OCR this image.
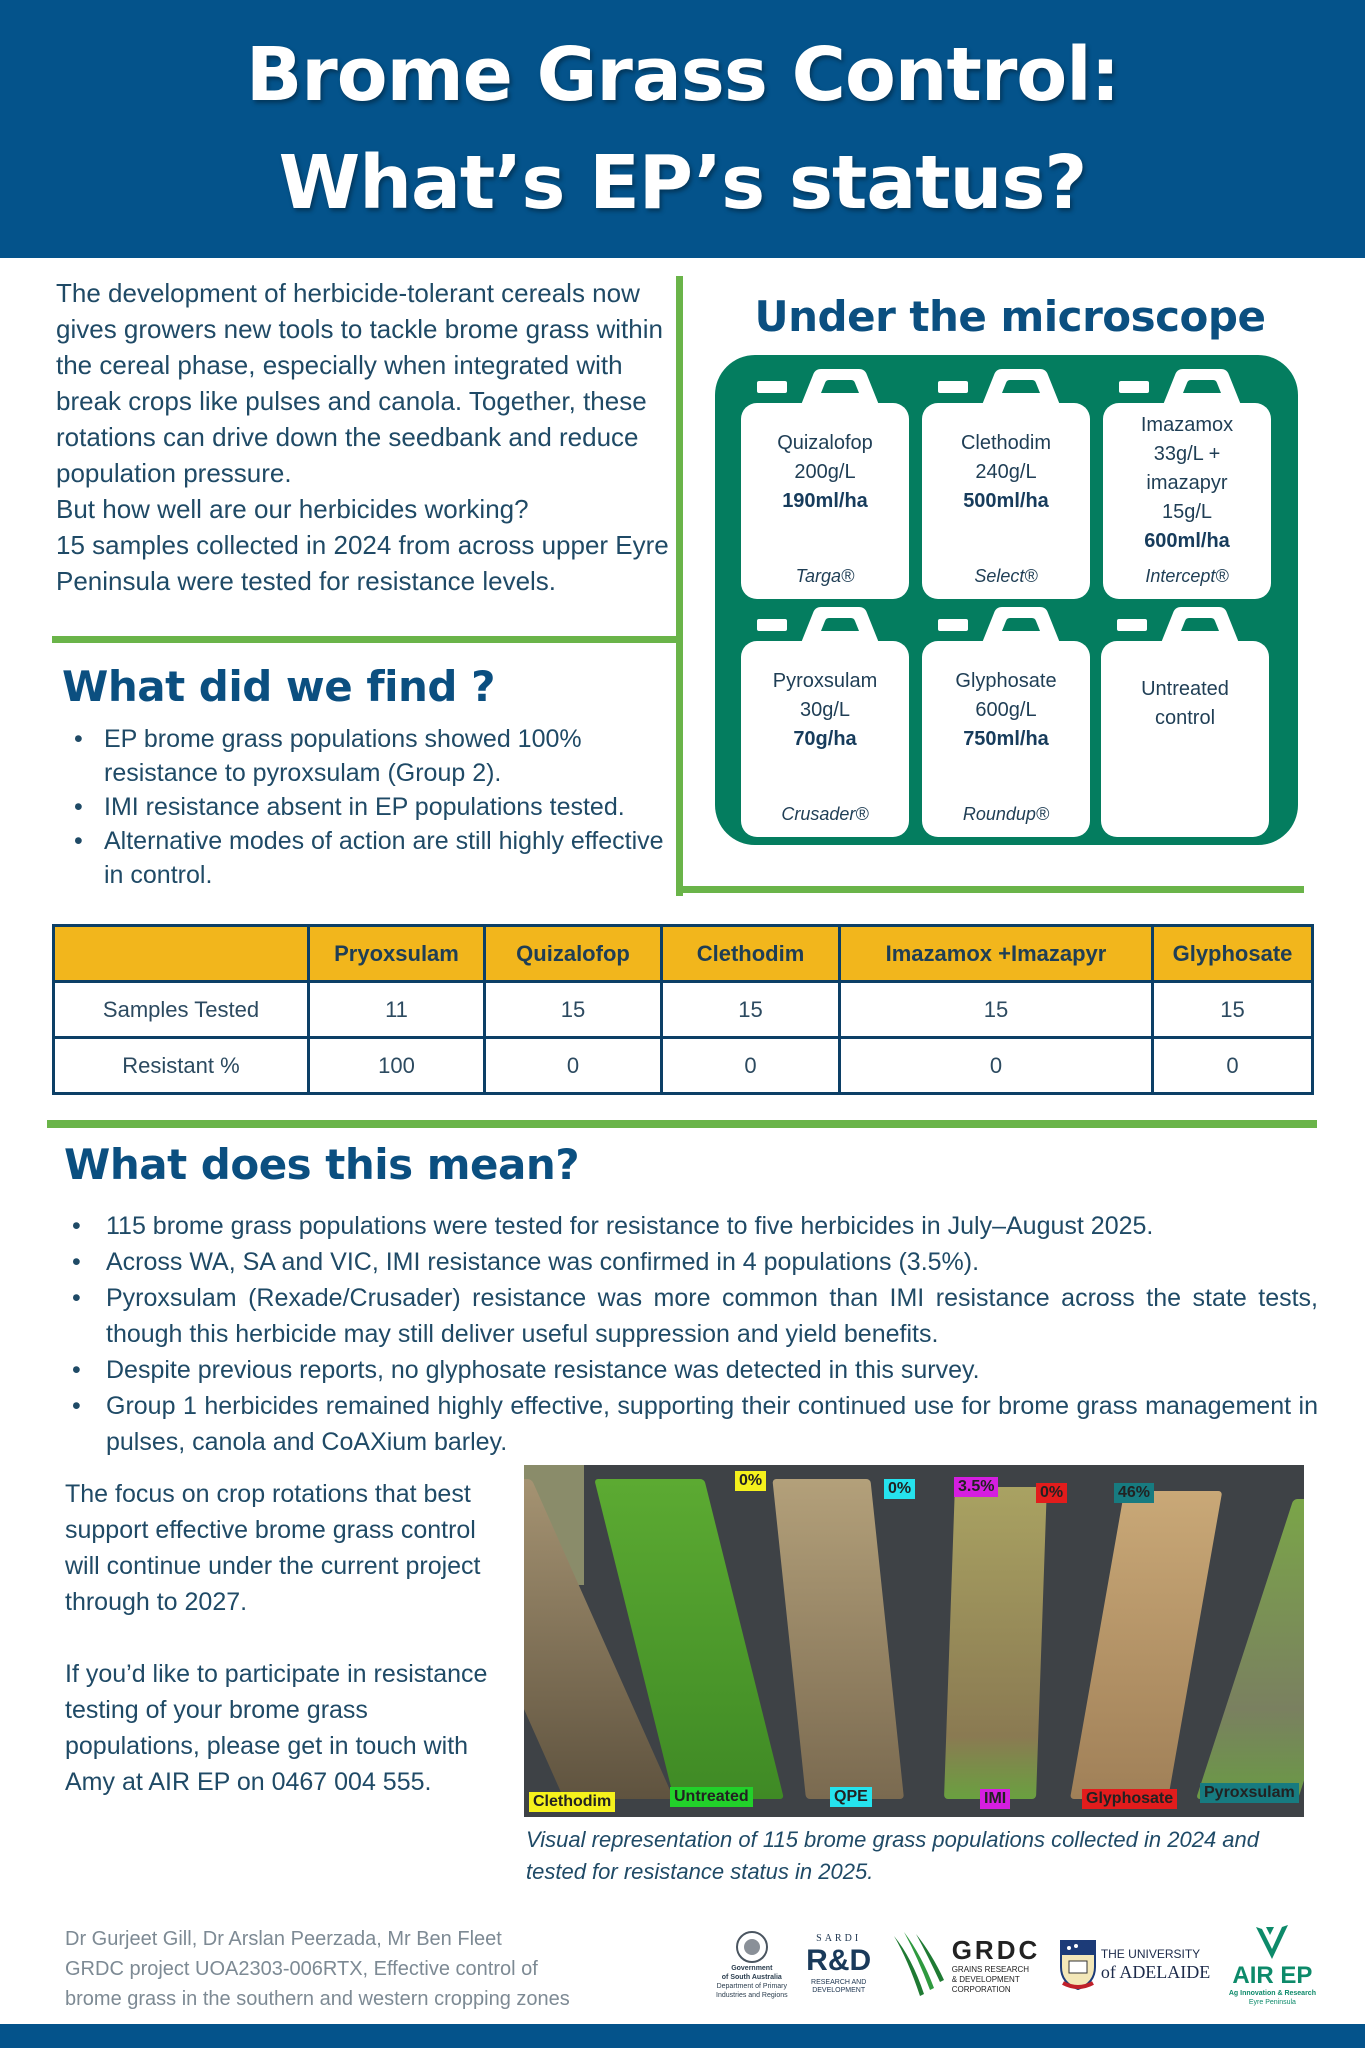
Brome Grass Control:
What’s EP’s status?

The development of herbicide-tolerant cereals now gives growers new tools to tackle brome grass within the cereal phase, especially when integrated with break crops like pulses and canola. Together, these rotations can drive down the seedbank and reduce population pressure.

But how well are our herbicides working?

15 samples collected in 2024 from across upper Eyre Peninsula were tested for resistance levels.

What did we find ?
• EP brome grass populations showed 100% resistance to pyroxsulam (Group 2).
• IMI resistance absent in EP populations tested.
• Alternative modes of action are still highly effective in control.
Under the microscope
Quizalofop
200g/L
190ml/ha
Targa®
Clethodim
240g/L
500ml/ha
Select®
Imazamox
33g/L +
imazapyr
15g/L
600ml/ha
Intercept®
Pyroxsulam
30g/L
70g/ha
Crusader®
Glyphosate
600g/L
750ml/ha
Roundup®
Untreated
control
	Pryoxsulam	Quizalofop	Clethodim	Imazamox +Imazapyr	Glyphosate
Samples Tested	11	15	15	15	15
Resistant %	100	0	0	0	0
What does this mean?
• 115 brome grass populations were tested for resistance to five herbicides in July–August 2025.
• Across WA, SA and VIC, IMI resistance was confirmed in 4 populations (3.5%).
• Pyroxsulam (Rexade/Crusader) resistance was more common than IMI resistance across the state tests, though this herbicide may still deliver useful suppression and yield benefits.
• Despite previous reports, no glyphosate resistance was detected in this survey.
• Group 1 herbicides remained highly effective, supporting their continued use for brome grass management in pulses, canola and CoAXium barley.

The focus on crop rotations that best support effective brome grass control will continue under the current project through to 2027.

If you’d like to participate in resistance testing of your brome grass populations, please get in touch with Amy at AIR EP on 0467 004 555.

0%	0%	3.5%	0%	46%
Clethodim	Untreated	QPE	IMI	Glyphosate Pyroxsulam
Visual representation of 115 brome grass populations collected in 2024 and tested for resistance status in 2025.
Dr Gurjeet Gill, Dr Arslan Peerzada, Mr Ben Fleet
GRDC project UOA2303-006RTX, Effective control of
brome grass in the southern and western cropping zones
Government
of South Australia
Department of Primary
Industries and Regions
SARDI
R&D
RESEARCH AND
DEVELOPMENT
GRDC
GRAINS RESEARCH
& DEVELOPMENT
CORPORATION
THE UNIVERSITY
of ADELAIDE AIR EP
Ag Innovation & Research
Eyre Peninsula
